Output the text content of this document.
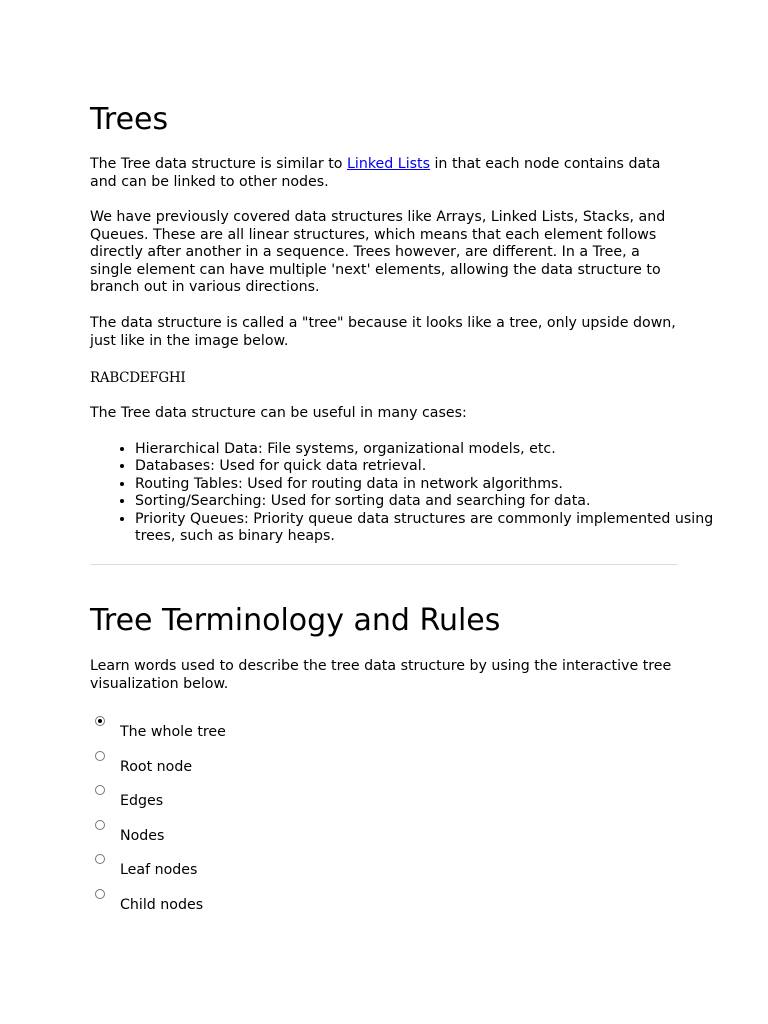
Trees

The Tree data structure is similar to Linked Lists in that each node contains data and can be linked to other nodes.

We have previously covered data structures like Arrays, Linked Lists, Stacks, and Queues. These are all linear structures, which means that each element follows directly after another in a sequence. Trees however, are different. In a Tree, a single element can have multiple 'next' elements, allowing the data structure to branch out in various directions.

The data structure is called a "tree" because it looks like a tree, only upside down, just like in the image below.

RABCDEFGHI

The Tree data structure can be useful in many cases:

• Hierarchical Data: File systems, organizational models, etc.
• Databases: Used for quick data retrieval.
• Routing Tables: Used for routing data in network algorithms.
• Sorting/Searching: Used for sorting data and searching for data.
• Priority Queues: Priority queue data structures are commonly implemented using trees, such as binary heaps.
Tree Terminology and Rules

Learn words used to describe the tree data structure by using the interactive tree visualization below.

The whole tree
Root node
Edges
Nodes
Leaf nodes
Child nodes
